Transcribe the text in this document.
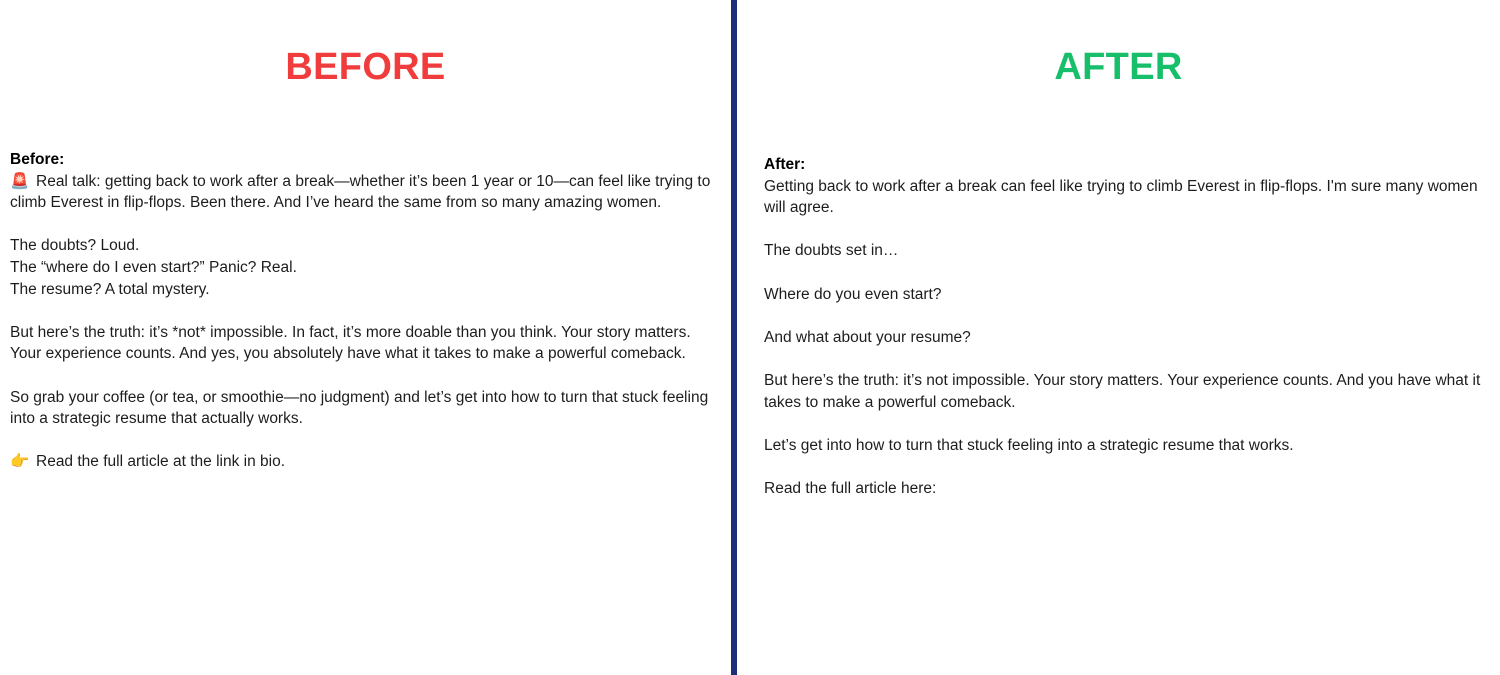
BEFORE
Before:
🚨 Real talk: getting back to work after a break—whether it’s been 1 year or 10—can feel like trying to climb Everest in flip-flops. Been there. And I’ve heard the same from so many amazing women.
The doubts? Loud.
The “where do I even start?” Panic? Real.
The resume? A total mystery.
But here’s the truth: it’s *not* impossible. In fact, it’s more doable than you think. Your story matters. Your experience counts. And yes, you absolutely have what it takes to make a powerful comeback.
So grab your coffee (or tea, or smoothie—no judgment) and let’s get into how to turn that stuck feeling into a strategic resume that actually works.
👉 Read the full article at the link in bio.
AFTER
After:
Getting back to work after a break can feel like trying to climb Everest in flip-flops. I'm sure many women will agree.
The doubts set in…
Where do you even start?
And what about your resume?
But here’s the truth: it’s not impossible. Your story matters. Your experience counts. And you have what it takes to make a powerful comeback.
Let’s get into how to turn that stuck feeling into a strategic resume that works.
Read the full article here:
